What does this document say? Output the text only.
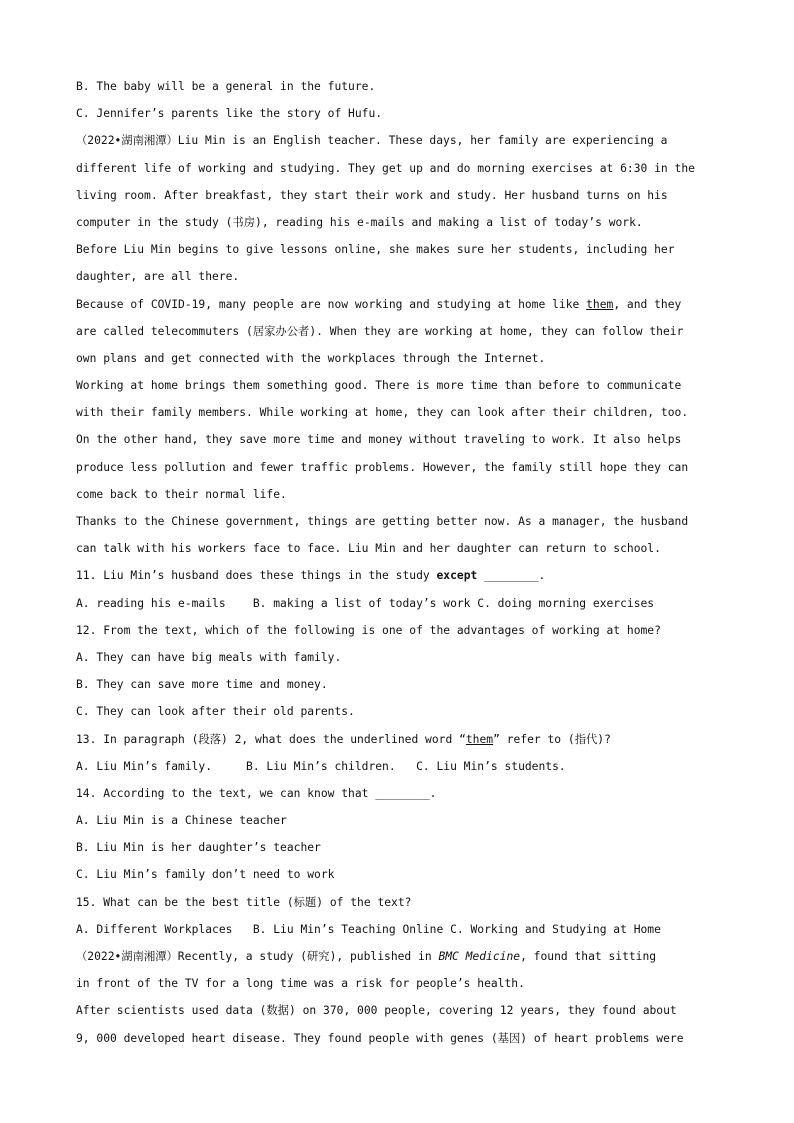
B. The baby will be a general in the future.
C. Jennifer’s parents like the story of Hufu.
（2022•湖南湘潭）Liu Min is an English teacher. These days, her family are experiencing a
different life of working and studying. They get up and do morning exercises at 6:30 in the
living room. After breakfast, they start their work and study. Her husband turns on his
computer in the study (书房), reading his e-mails and making a list of today’s work.
Before Liu Min begins to give lessons online, she makes sure her students, including her
daughter, are all there.
Because of COVID-19, many people are now working and studying at home like them, and they
are called telecommuters (居家办公者). When they are working at home, they can follow their
own plans and get connected with the workplaces through the Internet.
Working at home brings them something good. There is more time than before to communicate
with their family members. While working at home, they can look after their children, too.
On the other hand, they save more time and money without traveling to work. It also helps
produce less pollution and fewer traffic problems. However, the family still hope they can
come back to their normal life.
Thanks to the Chinese government, things are getting better now. As a manager, the husband
can talk with his workers face to face. Liu Min and her daughter can return to school.
11. Liu Min’s husband does these things in the study except ________.
A. reading his e-mails    B. making a list of today’s work C. doing morning exercises
12. From the text, which of the following is one of the advantages of working at home?
A. They can have big meals with family.
B. They can save more time and money.
C. They can look after their old parents.
13. In paragraph (段落) 2, what does the underlined word “them” refer to (指代)?
A. Liu Min’s family.     B. Liu Min’s children.   C. Liu Min’s students.
14. According to the text, we can know that ________.
A. Liu Min is a Chinese teacher
B. Liu Min is her daughter’s teacher
C. Liu Min’s family don’t need to work
15. What can be the best title (标题) of the text?
A. Different Workplaces   B. Liu Min’s Teaching Online C. Working and Studying at Home
（2022•湖南湘潭）Recently, a study (研究), published in BMC Medicine, found that sitting
in front of the TV for a long time was a risk for people’s health.
After scientists used data (数据) on 370, 000 people, covering 12 years, they found about
9, 000 developed heart disease. They found people with genes (基因) of heart problems were
